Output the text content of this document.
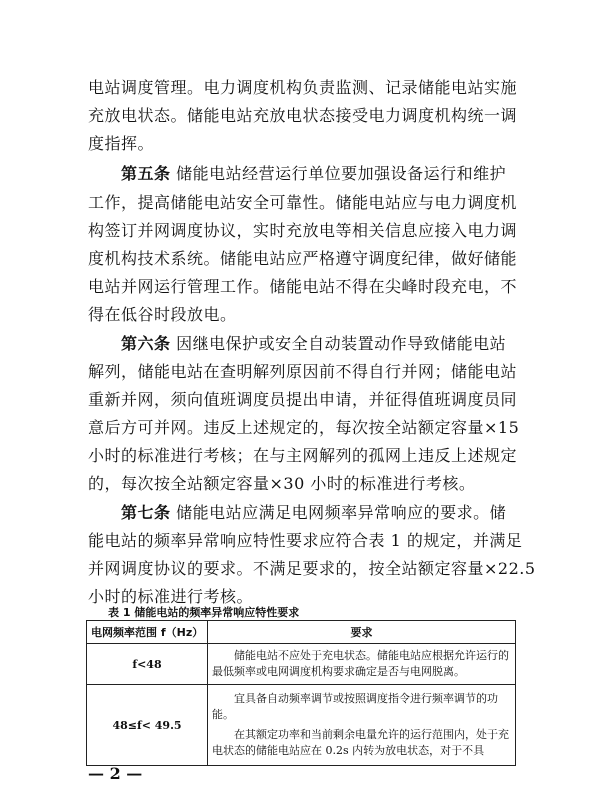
电站调度管理。电力调度机构负责监测、记录储能电站实施
充放电状态。储能电站充放电状态接受电力调度机构统一调
度指挥。
第五条 储能电站经营运行单位要加强设备运行和维护
工作，提高储能电站安全可靠性。储能电站应与电力调度机
构签订并网调度协议，实时充放电等相关信息应接入电力调
度机构技术系统。储能电站应严格遵守调度纪律，做好储能
电站并网运行管理工作。储能电站不得在尖峰时段充电，不
得在低谷时段放电。
第六条 因继电保护或安全自动装置动作导致储能电站
解列，储能电站在查明解列原因前不得自行并网；储能电站
重新并网，须向值班调度员提出申请，并征得值班调度员同
意后方可并网。违反上述规定的，每次按全站额定容量×15
小时的标准进行考核；在与主网解列的孤网上违反上述规定
的，每次按全站额定容量×30 小时的标准进行考核。
第七条 储能电站应满足电网频率异常响应的要求。储
能电站的频率异常响应特性要求应符合表 1 的规定，并满足
并网调度协议的要求。不满足要求的，按全站额定容量×22.5
小时的标准进行考核。
表 1 储能电站的频率异常响应特性要求
电网频率范围 f（Hz）	要求
f<48	储能电站不应处于充电状态。储能电站应根据允许运行的最低频率或电网调度机构要求确定是否与电网脱离。

48≤f< 49.5	宜具备自动频率调节或按照调度指令进行频率调节的功能。

在其额定功率和当前剩余电量允许的运行范围内，处于充电状态的储能电站应在 0.2s 内转为放电状态，对于不具

— 2 —
